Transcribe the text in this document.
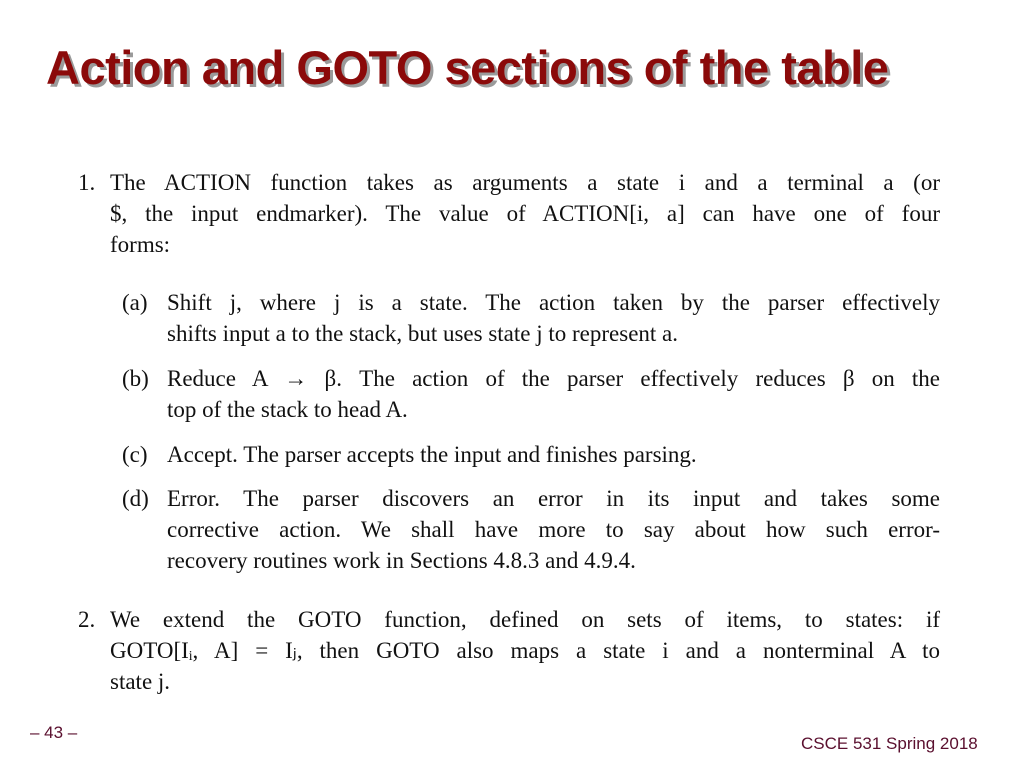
Action and GOTO sections of the table
1. The ACTION function takes as arguments a state i and a terminal a (or
$, the input endmarker). The value of ACTION[i, a] can have one of four
forms:
(a) Shift j, where j is a state. The action taken by the parser effectively
shifts input a to the stack, but uses state j to represent a.
(b) Reduce A → β. The action of the parser effectively reduces β on the
top of the stack to head A.
(c) Accept. The parser accepts the input and finishes parsing.
(d) Error. The parser discovers an error in its input and takes some
corrective action. We shall have more to say about how such error-
recovery routines work in Sections 4.8.3 and 4.9.4.
2. We extend the GOTO function, defined on sets of items, to states: if
GOTO[Iᵢ, A] = Iⱼ, then GOTO also maps a state i and a nonterminal A to
state j.
– 43 –
CSCE 531 Spring 2018
